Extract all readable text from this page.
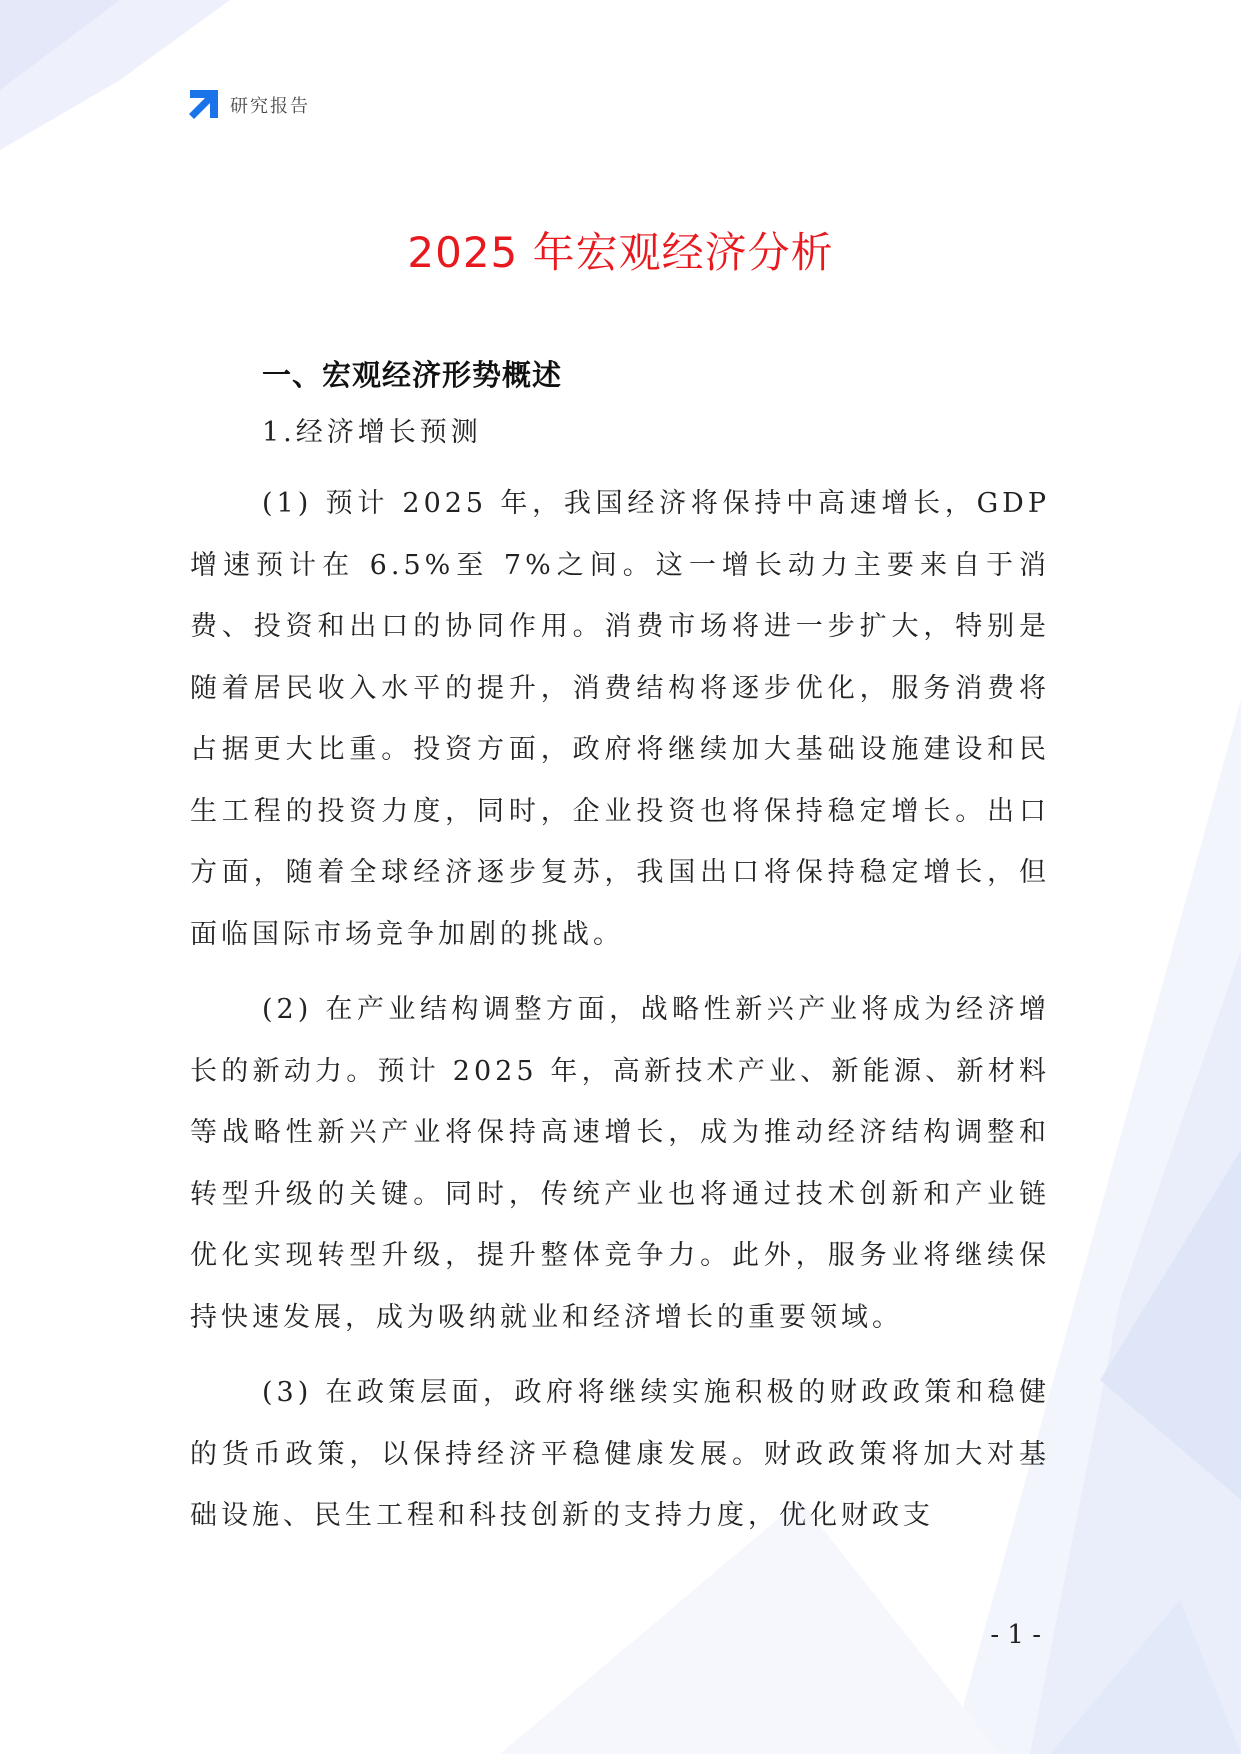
研究报告
2025 年宏观经济分析
一、宏观经济形势概述
1.经济增长预测

(1) 预计 2025 年，我国经济将保持中高速增长，GDP 增速预计在 6.5%至 7%之间。这一增长动力主要来自于消费、投资和出口的协同作用。消费市场将进一步扩大，特别是随着居民收入水平的提升，消费结构将逐步优化，服务消费将占据更大比重。投资方面，政府将继续加大基础设施建设和民生工程的投资力度，同时，企业投资也将保持稳定增长。出口方面，随着全球经济逐步复苏，我国出口将保持稳定增长，但面临国际市场竞争加剧的挑战。

(2) 在产业结构调整方面，战略性新兴产业将成为经济增长的新动力。预计 2025 年，高新技术产业、新能源、新材料等战略性新兴产业将保持高速增长，成为推动经济结构调整和转型升级的关键。同时，传统产业也将通过技术创新和产业链优化实现转型升级，提升整体竞争力。此外，服务业将继续保持快速发展，成为吸纳就业和经济增长的重要领域。

(3) 在政策层面，政府将继续实施积极的财政政策和稳健的货币政策，以保持经济平稳健康发展。财政政策将加大对基础设施、民生工程和科技创新的支持力度，优化财政支

- 1 -
